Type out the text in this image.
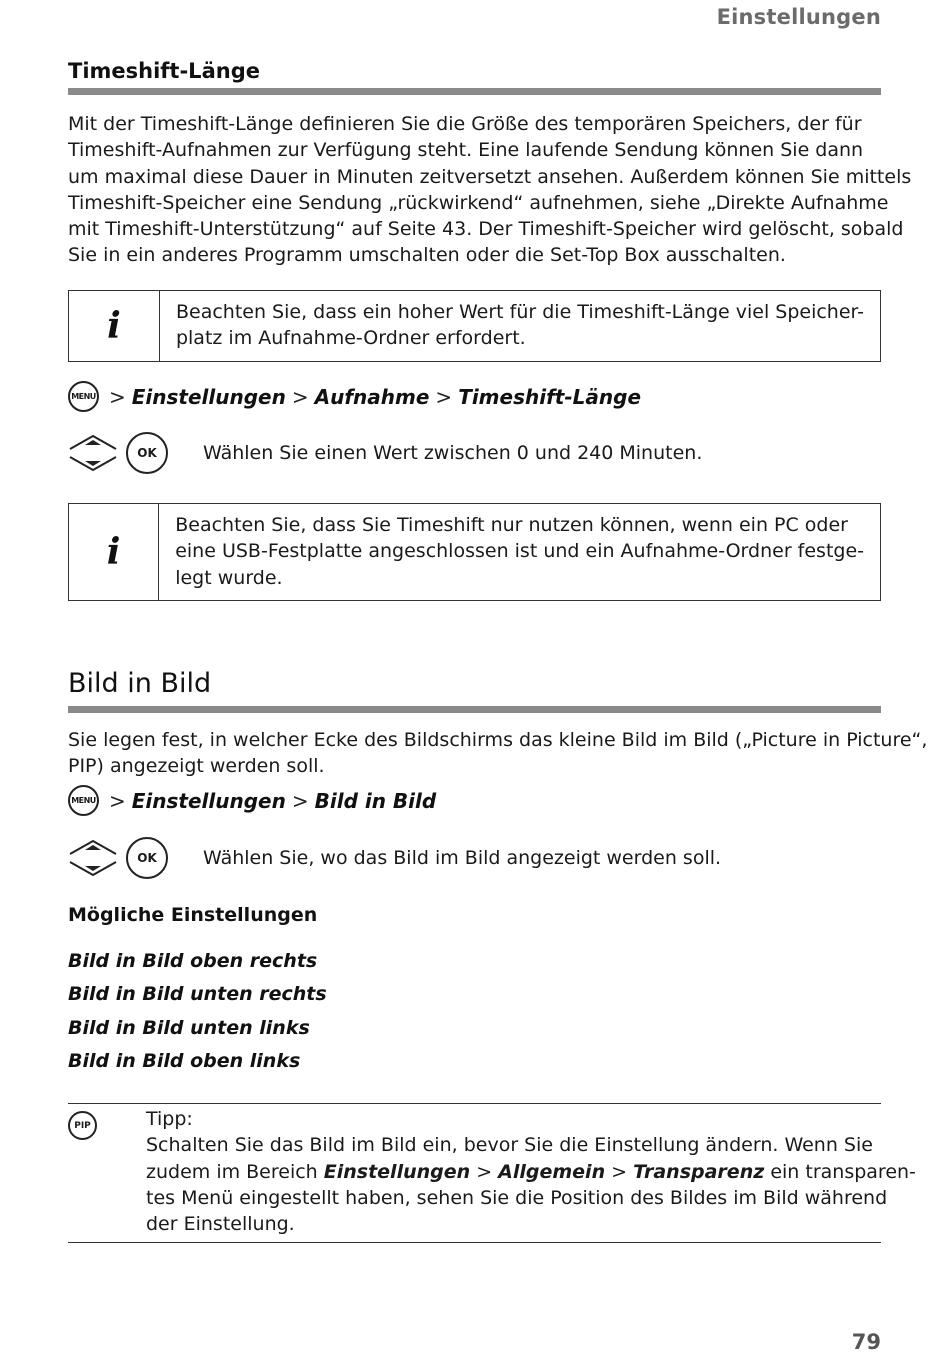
Einstellungen
Timeshift-Länge
Mit der Timeshift-Länge definieren Sie die Größe des temporären Speichers, der für
Timeshift-Aufnahmen zur Verfügung steht. Eine laufende Sendung können Sie dann
um maximal diese Dauer in Minuten zeitversetzt ansehen. Außerdem können Sie mittels
Timeshift-Speicher eine Sendung „rückwirkend“ aufnehmen, siehe „Direkte Aufnahme
mit Timeshift-Unterstützung“ auf Seite 43. Der Timeshift-Speicher wird gelöscht, sobald
Sie in ein anderes Programm umschalten oder die Set-Top Box ausschalten.
i	Beachten Sie, dass ein hoher Wert für die Timeshift-Länge viel Speicher-
platz im Aufnahme-Ordner erfordert.
MENU > Einstellungen > Aufnahme > Timeshift-Länge
OK	Wählen Sie einen Wert zwischen 0 und 240 Minuten.
i
Beachten Sie, dass Sie Timeshift nur nutzen können, wenn ein PC oder
eine USB-Festplatte angeschlossen ist und ein Aufnahme-Ordner festge-
legt wurde.
Bild in Bild
Sie legen fest, in welcher Ecke des Bildschirms das kleine Bild im Bild („Picture in Picture“,
PIP) angezeigt werden soll.
MENU > Einstellungen > Bild in Bild
OK	Wählen Sie, wo das Bild im Bild angezeigt werden soll.
Mögliche Einstellungen
Bild in Bild oben rechts
Bild in Bild unten rechts
Bild in Bild unten links
Bild in Bild oben links
PIP	Tipp:
Schalten Sie das Bild im Bild ein, bevor Sie die Einstellung ändern. Wenn Sie
zudem im Bereich Einstellungen > Allgemein > Transparenz ein transparen-
tes Menü eingestellt haben, sehen Sie die Position des Bildes im Bild während
der Einstellung.
79
